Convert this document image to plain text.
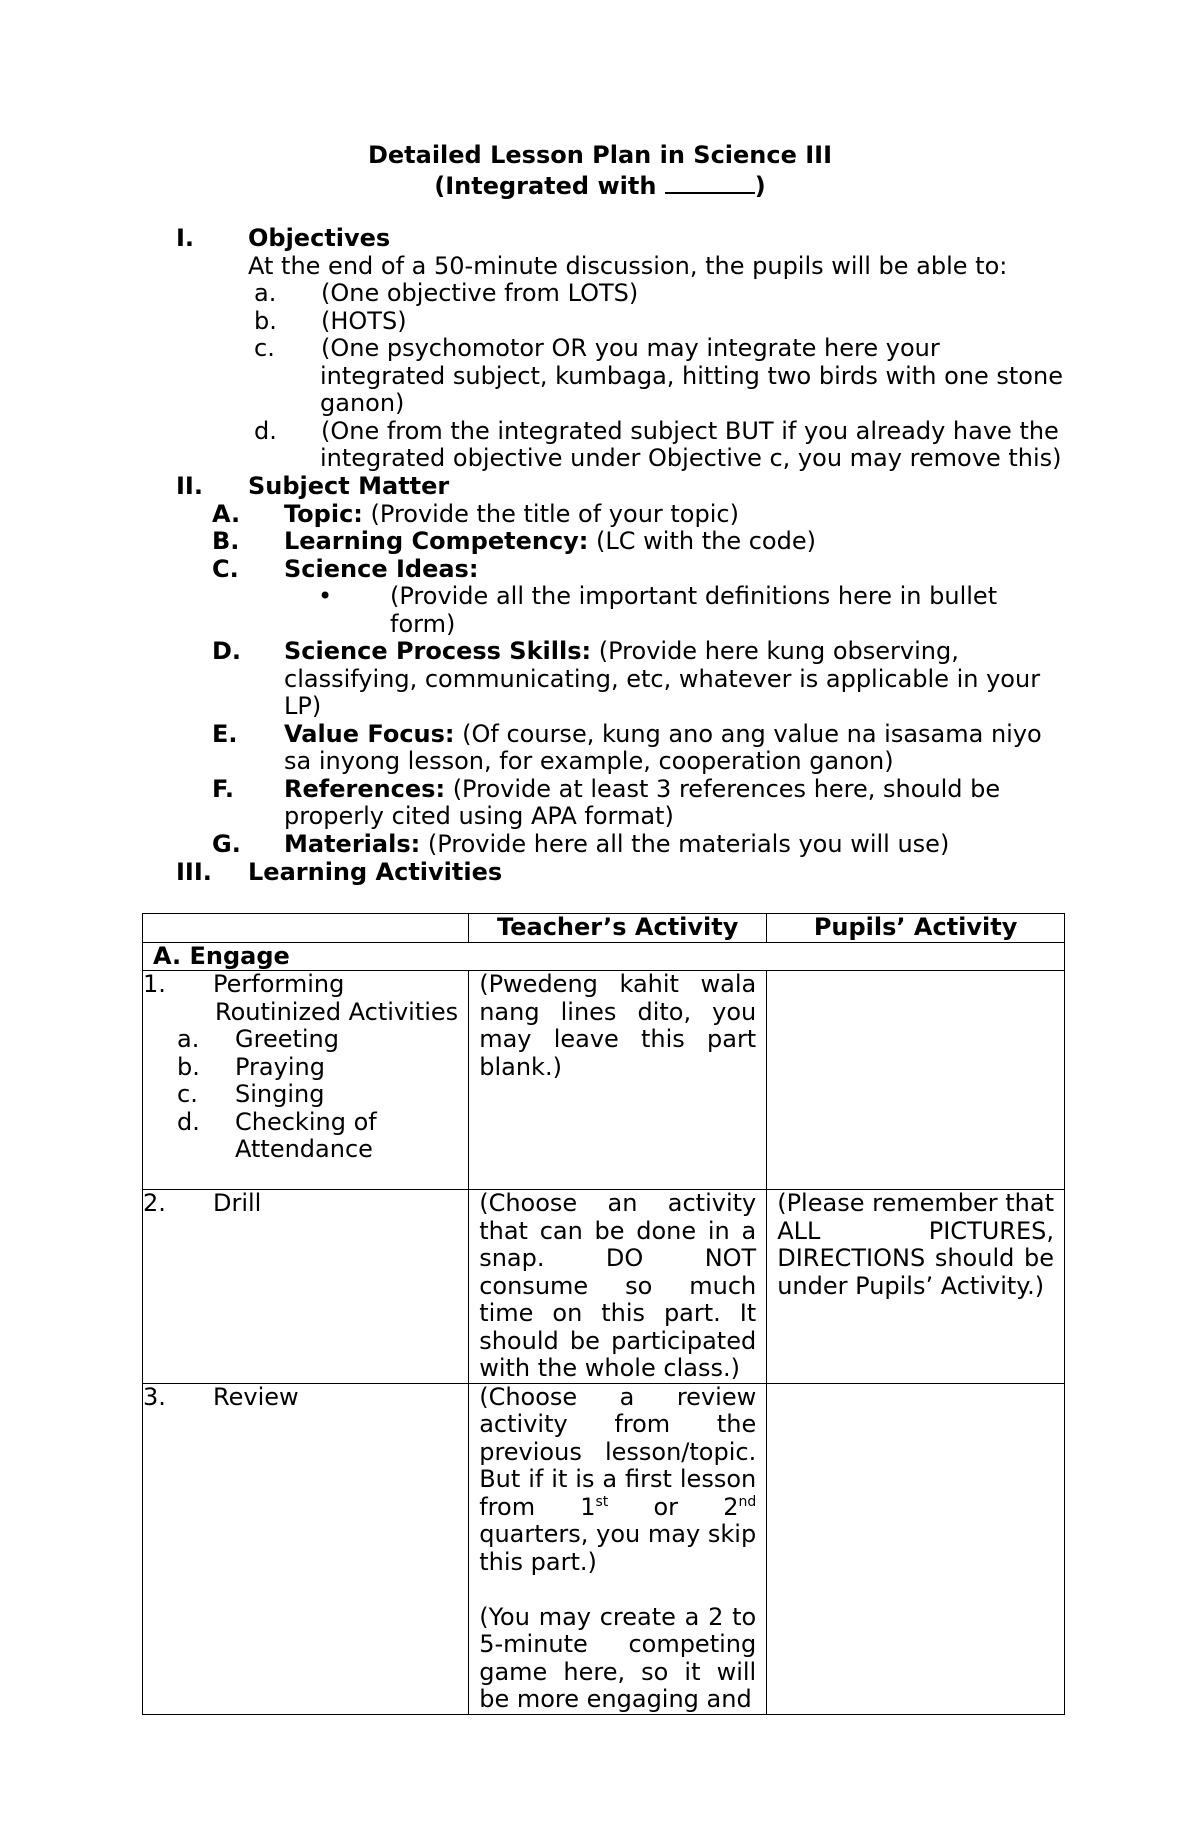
Detailed Lesson Plan in Science III
(Integrated with	)
I. Objectives
At the end of a 50-minute discussion, the pupils will be able to:
a. (One objective from LOTS)
b. (HOTS)
c. (One psychomotor OR you may integrate here your integrated subject, kumbaga, hitting two birds with one stone ganon)
d. (One from the integrated subject BUT if you already have the integrated objective under Objective c, you may remove this)
II. Subject Matter
A. Topic: (Provide the title of your topic)
B. Learning Competency: (LC with the code)
C. Science Ideas:
• (Provide all the important definitions here in bullet form)
D. Science Process Skills: (Provide here kung observing, classifying, communicating, etc, whatever is applicable in your LP)
E. Value Focus: (Of course, kung ano ang value na isasama niyo sa inyong lesson, for example, cooperation ganon)
F. References: (Provide at least 3 references here, should be properly cited using APA format)
G. Materials: (Provide here all the materials you will use)
III. Learning Activities
	Teacher’s Activity	Pupils’ Activity
A. Engage		

1. Performing Routinized Activities
a. Greeting
b. Praying
c. Singing
d. Checking of Attendance	(Pwedeng kahit wala nang lines dito, you may leave this part blank.)	

2. Drill	(Choose an activity that can be done in a snap. DO NOT consume so much time on this part. It should be participated with the whole class.)	(Please remember that ALL PICTURES, DIRECTIONS should be under Pupils’ Activity.)

3. Review	(Choose a review activity from the previous lesson/topic. But if it is a first lesson from 1st or 2nd quarters, you may skip this part.)
(You may create a 2 to 5-minute competing game here, so it will be more engaging and	
